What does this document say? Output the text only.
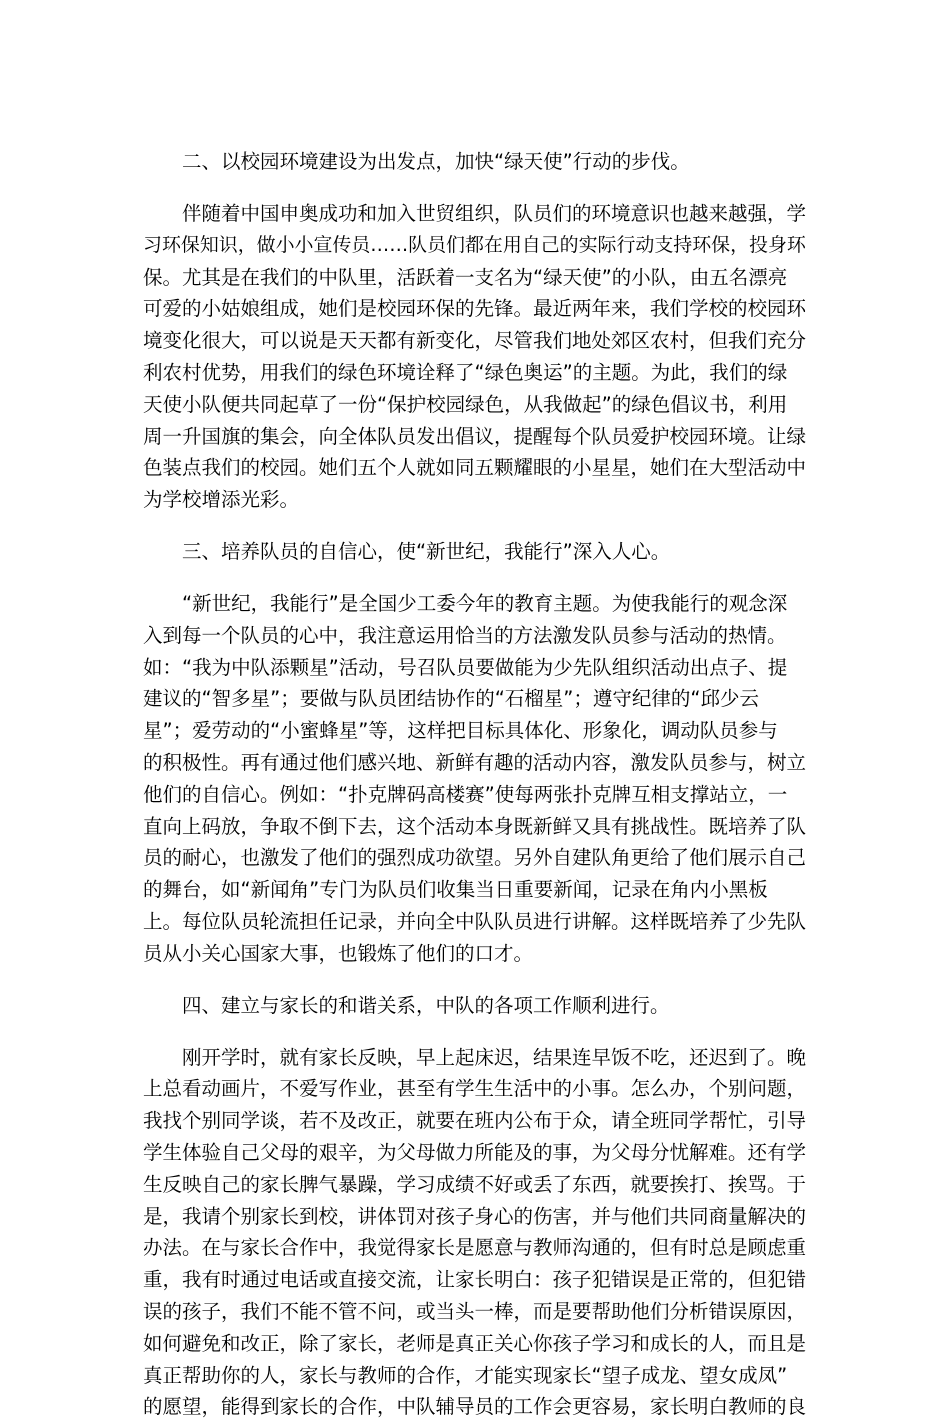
二、以校园环境建设为出发点，加快“绿天使”行动的步伐。

伴随着中国申奥成功和加入世贸组织，队员们的环境意识也越来越强，学
习环保知识，做小小宣传员……队员们都在用自己的实际行动支持环保，投身环
保。尤其是在我们的中队里，活跃着一支名为“绿天使”的小队，由五名漂亮
可爱的小姑娘组成，她们是校园环保的先锋。最近两年来，我们学校的校园环
境变化很大，可以说是天天都有新变化，尽管我们地处郊区农村，但我们充分
利农村优势，用我们的绿色环境诠释了“绿色奥运”的主题。为此，我们的绿
天使小队便共同起草了一份“保护校园绿色，从我做起”的绿色倡议书，利用
周一升国旗的集会，向全体队员发出倡议，提醒每个队员爱护校园环境。让绿
色装点我们的校园。她们五个人就如同五颗耀眼的小星星，她们在大型活动中
为学校增添光彩。

三、培养队员的自信心，使“新世纪，我能行”深入人心。

“新世纪，我能行”是全国少工委今年的教育主题。为使我能行的观念深
入到每一个队员的心中，我注意运用恰当的方法激发队员参与活动的热情。
如：“我为中队添颗星”活动，号召队员要做能为少先队组织活动出点子、提
建议的“智多星”；要做与队员团结协作的“石榴星”；遵守纪律的“邱少云
星”；爱劳动的“小蜜蜂星”等，这样把目标具体化、形象化，调动队员参与
的积极性。再有通过他们感兴地、新鲜有趣的活动内容，激发队员参与，树立
他们的自信心。例如：“扑克牌码高楼赛”使每两张扑克牌互相支撑站立，一
直向上码放，争取不倒下去，这个活动本身既新鲜又具有挑战性。既培养了队
员的耐心，也激发了他们的强烈成功欲望。另外自建队角更给了他们展示自己
的舞台，如“新闻角”专门为队员们收集当日重要新闻，记录在角内小黑板
上。每位队员轮流担任记录，并向全中队队员进行讲解。这样既培养了少先队
员从小关心国家大事，也锻炼了他们的口才。

四、建立与家长的和谐关系，中队的各项工作顺利进行。

刚开学时，就有家长反映，早上起床迟，结果连早饭不吃，还迟到了。晚
上总看动画片，不爱写作业，甚至有学生生活中的小事。怎么办，个别问题，
我找个别同学谈，若不及改正，就要在班内公布于众，请全班同学帮忙，引导
学生体验自己父母的艰辛，为父母做力所能及的事，为父母分忧解难。还有学
生反映自己的家长脾气暴躁，学习成绩不好或丢了东西，就要挨打、挨骂。于
是，我请个别家长到校，讲体罚对孩子身心的伤害，并与他们共同商量解决的
办法。在与家长合作中，我觉得家长是愿意与教师沟通的，但有时总是顾虑重
重，我有时通过电话或直接交流，让家长明白：孩子犯错误是正常的，但犯错
误的孩子，我们不能不管不问，或当头一棒，而是要帮助他们分析错误原因，
如何避免和改正，除了家长，老师是真正关心你孩子学习和成长的人，而且是
真正帮助你的人，家长与教师的合作，才能实现家长“望子成龙、望女成凤”
的愿望，能得到家长的合作，中队辅导员的工作会更容易，家长明白教师的良
